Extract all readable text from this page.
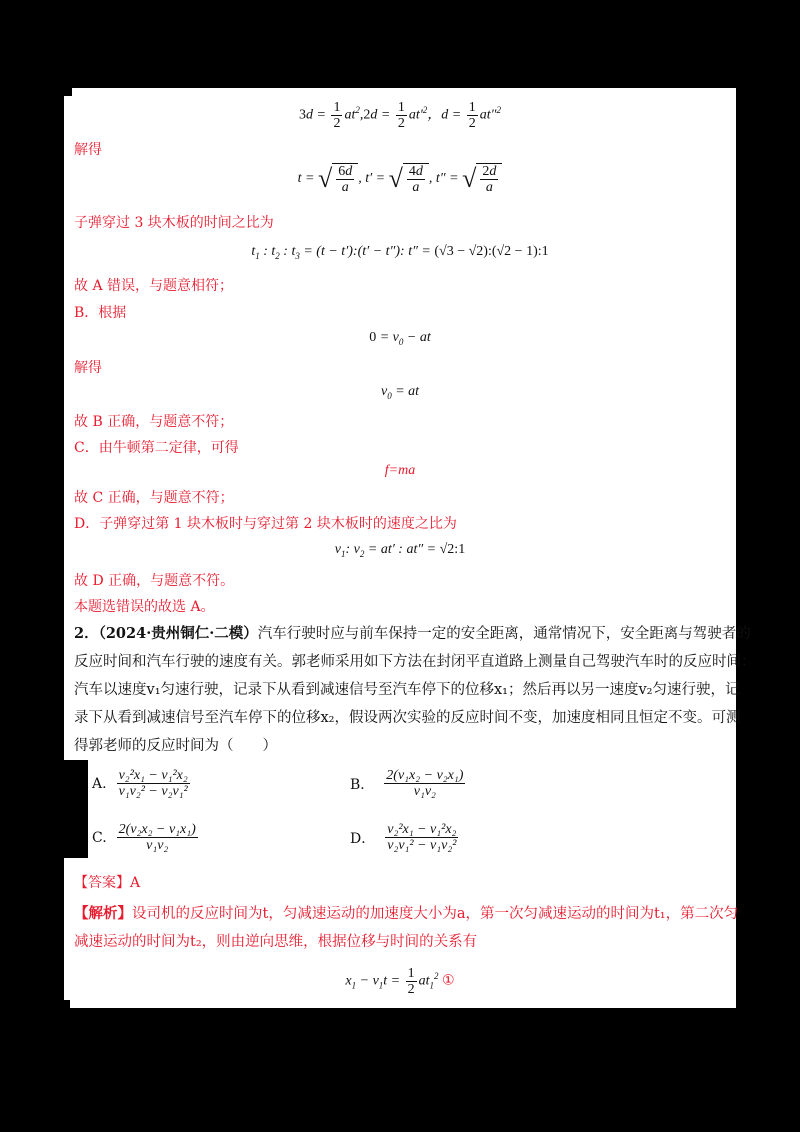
$3d = \frac{1}{2} at^2,2d = \frac{1}{2} at'^2$，$d = \frac{1}{2} at''^2$
解得
t = √ $\frac{6d}{a}$ , t′ = √ $\frac{4d}{a}$ , t″ = √ $\frac{2d}{a}$
子弹穿过 3 块木板的时间之比为
$t_1$ : $t_2$ : $t_3 = (t$ − t′):(t′ − t″): t″ = (√3 − √2):(√2 − 1):1
故 A 错误，与题意相符；
B．根据
$0 = v_0$ − at
解得
$v_0$ = at
故 B 正确，与题意不符；
C．由牛顿第二定律，可得
f=ma
故 C 正确，与题意不符；
D．子弹穿过第 1 块木板时与穿过第 2 块木板时的速度之比为
$v_1$: $v_2 = at'$ : at″ = √2:1
故 D 正确，与题意不符。
本题选错误的故选 A。
2．（2024·贵州铜仁·二模）汽车行驶时应与前车保持一定的安全距离，通常情况下，安全距离与驾驶者的
反应时间和汽车行驶的速度有关。郭老师采用如下方法在封闭平直道路上测量自己驾驶汽车时的反应时间：
汽车以速度v₁匀速行驶，记录下从看到减速信号至汽车停下的位移x₁；然后再以另一速度v₂匀速行驶，记
录下从看到减速信号至汽车停下的位移x₂，假设两次实验的反应时间不变，加速度相同且恒定不变。可测
得郭老师的反应时间为（　　）
A. $\frac{\text{v₂²x₁ − v₁²x₂}}{\text{v₁v₂² − v₂v₁²}}$	B． $\frac{\text{2(v₁x₂ − v₂x₁)}}{\text{v₁v₂}}$
C. $\frac{\text{2(v₂x₂ − v₁x₁)}}{\text{v₁v₂}}$	D． $\frac{\text{v₂²x₁ − v₁²x₂}}{\text{v₂v₁² − v₁v₂²}}$
【答案】A
【解析】设司机的反应时间为t，匀减速运动的加速度大小为a，第一次匀减速运动的时间为t₁，第二次匀
减速运动的时间为t₂，则由逆向思维，根据位移与时间的关系有
$x_1 - v_1t = \frac{1}{2} at_1^2$ ①
